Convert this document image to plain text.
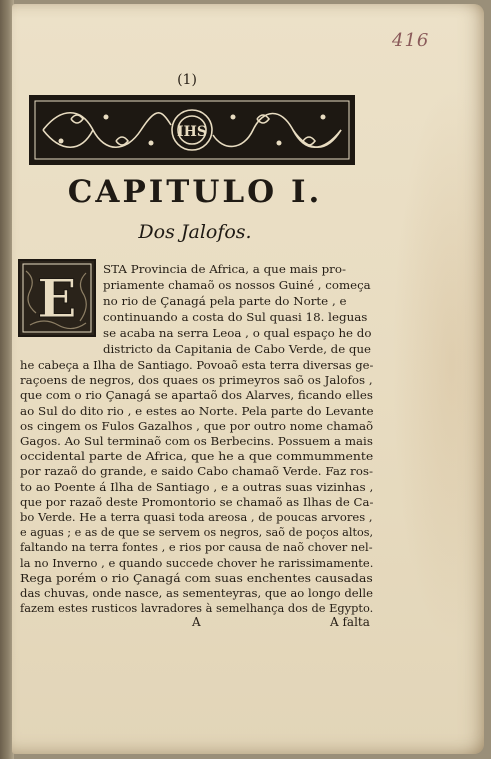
416
(1)
IHS
CAPITULO I.
Dos Jalofos.
E STA Provincia de Africa, a que mais pro-
priamente chamaõ os nossos Guiné , começa
no rio de Çanagá pela parte do Norte , e
continuando a costa do Sul quasi 18. leguas
se acaba na serra Leoa , o qual espaço he do
districto da Capitania de Cabo Verde, de que
he cabeça a Ilha de Santiago. Povoaõ esta terra diversas ge-
raçoens de negros, dos quaes os primeyros saõ os Jalofos ,
que com o rio Çanagá se apartaõ dos Alarves, ficando elles
ao Sul do dito rio , e estes ao Norte. Pela parte do Levante
os cingem os Fulos Gazalhos , que por outro nome chamaõ
Gagos. Ao Sul terminaõ com os Berbecins. Possuem a mais
occidental parte de Africa, que he a que commummente
por razaõ do grande, e saido Cabo chamaõ Verde. Faz ros-
to ao Poente á Ilha de Santiago , e a outras suas vizinhas ,
que por razaõ deste Promontorio se chamaõ as Ilhas de Ca-
bo Verde. He a terra quasi toda areosa , de poucas arvores ,
e aguas ; e as de que se servem os negros, saõ de poços altos,
faltando na terra fontes , e rios por causa de naõ chover nel-
la no Inverno , e quando succede chover he rarissimamente.
Rega porém o rio Çanagá com suas enchentes causadas
das chuvas, onde nasce, as sementeyras, que ao longo delle
fazem estes rusticos lavradores à semelhança dos de Egypto.
A	A falta
